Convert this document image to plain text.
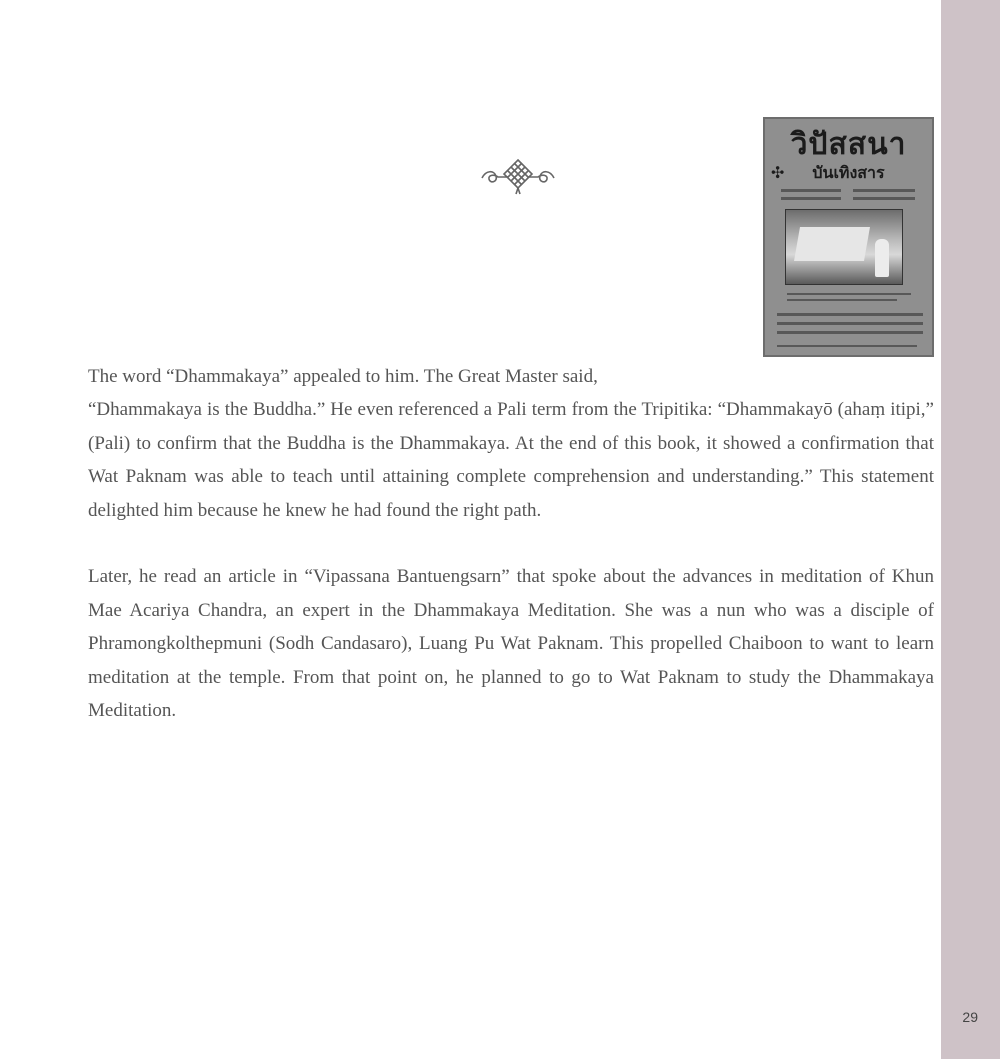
29
วิปัสสนา
✣	บันเทิงสาร

The word “Dhammakaya” appealed to him. The Great Master said,

“Dhammakaya is the Buddha.” He even referenced a Pali term from the Tripitika: “Dhammakayō (ahaṃ itipi,” (Pali) to confirm that the Buddha is the Dhammakaya. At the end of this book, it showed a confirmation that Wat Paknam was able to teach until attaining complete comprehension and understanding.” This statement delighted him because he knew he had found the right path.

Later, he read an article in “Vipassana Bantuengsarn” that spoke about the advances in meditation of Khun Mae Acariya Chandra, an expert in the Dhammakaya Meditation. She was a nun who was a disciple of Phramongkolthepmuni (Sodh Candasaro), Luang Pu Wat Paknam. This propelled Chaiboon to want to learn meditation at the temple. From that point on, he planned to go to Wat Paknam to study the Dhammakaya Meditation.
